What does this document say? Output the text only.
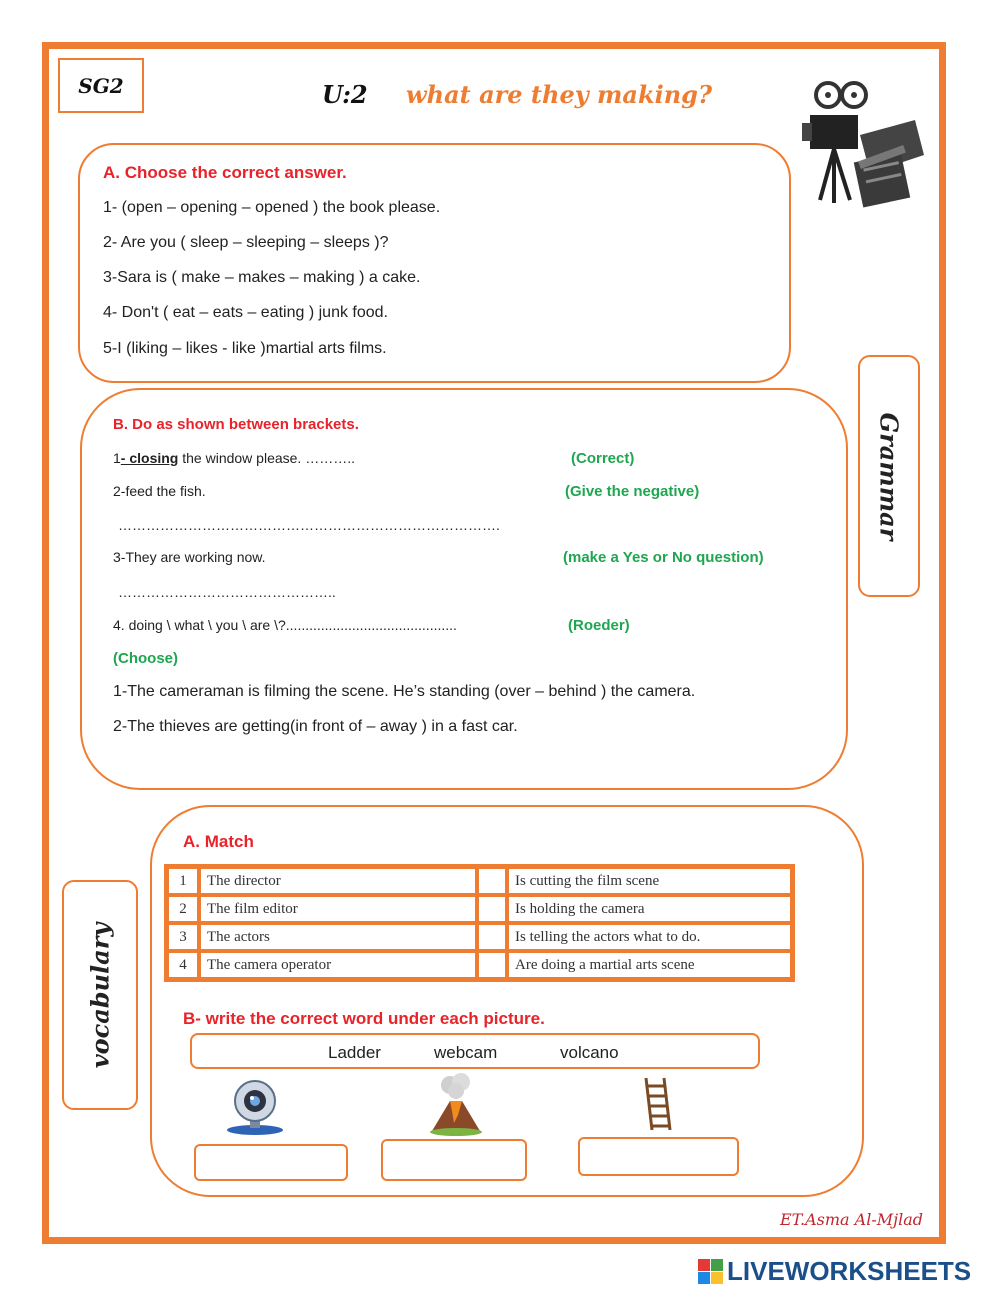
SG2	U:2 what are they making?
A. Choose the correct answer.
1- (open – opening – opened ) the book please.
2- Are you ( sleep – sleeping – sleeps )?
3-Sara is ( make – makes – making ) a cake.
4- Don't ( eat – eats – eating ) junk food.
5-I (liking – likes - like )martial arts films.
Grammar
B. Do as shown between brackets.
1- closing the window please. ………..	(Correct)
2-feed the fish.	(Give the negative)
……………………………………………………………………….
3-They are working now.	(make a Yes or No question)
………………………………………..
4. doing \ what \ you \ are \?............................................	(Roeder)
(Choose)
1-The cameraman is filming the scene. He’s standing (over – behind ) the camera.
2-The thieves are getting(in front of – away ) in a fast car.
vocabulary
A. Match
1	The director		Is cutting the film scene
2	The film editor		Is holding the camera
3	The actors		Is telling the actors what to do.
4	The camera operator		Are doing a martial arts scene
B- write the correct word under each picture.
Ladder	webcam	volcano
ET.Asma Al-Mjlad
LIVEWORKSHEETS
